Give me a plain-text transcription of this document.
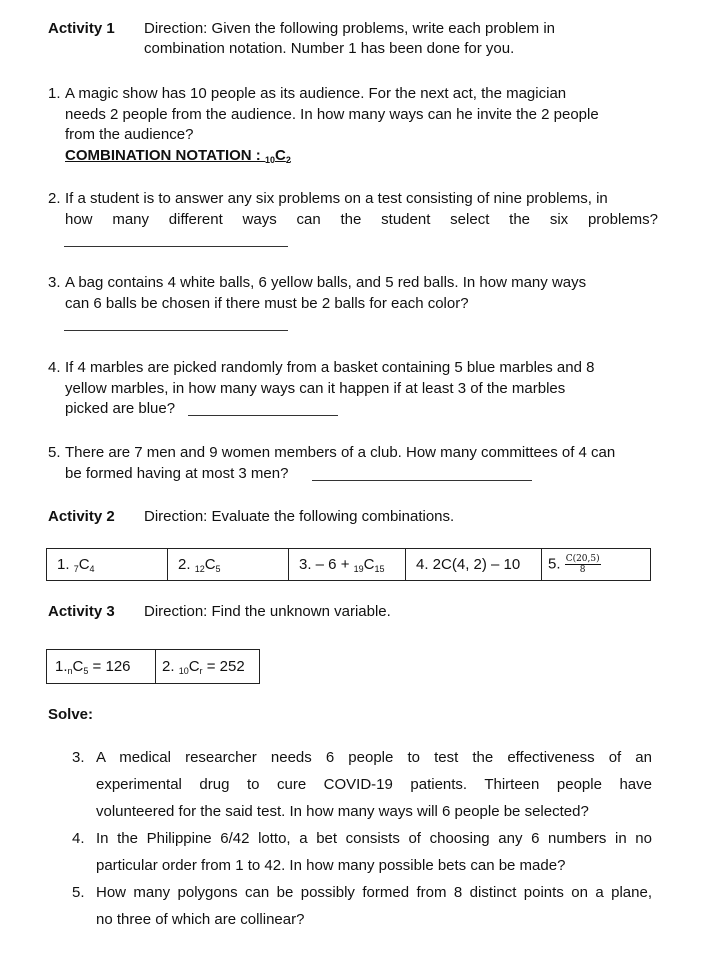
Activity 1 Direction: Given the following problems, write each problem in
combination notation. Number 1 has been done for you.
1. A magic show has 10 people as its audience. For the next act, the magician
needs 2 people from the audience. In how many ways can he invite the 2 people
from the audience?
COMBINATION NOTATION : $_{10}C_2$
2. If a student is to answer any six problems on a test consisting of nine problems, in
how many different ways can the student select the six problems?
3. A bag contains 4 white balls, 6 yellow balls, and 5 red balls. In how many ways
can 6 balls be chosen if there must be 2 balls for each color?
4. If 4 marbles are picked randomly from a basket containing 5 blue marbles and 8
yellow marbles, in how many ways can it happen if at least 3 of the marbles
picked are blue?
5. There are 7 men and 9 women members of a club. How many committees of 4 can
be formed having at most 3 men?
Activity 2 Direction: Evaluate the following combinations.
1. $_7C_4$	2. $_{12}C_5$	3. – $6 + _{19}C_{15}$	4. 2C(4, 2) – 10	5. $\frac{C(20,5)}{8}$
Activity 3 Direction: Find the unknown variable.
$1._nC_5 = 126$	2. $_{10}C_r = 252$
Solve:
3. A medical researcher needs 6 people to test the effectiveness of an
experimental drug to cure COVID-19 patients. Thirteen people have
volunteered for the said test. In how many ways will 6 people be selected?
4. In the Philippine 6/42 lotto, a bet consists of choosing any 6 numbers in no
particular order from 1 to 42. In how many possible bets can be made?
5. How many polygons can be possibly formed from 8 distinct points on a plane,
no three of which are collinear?
